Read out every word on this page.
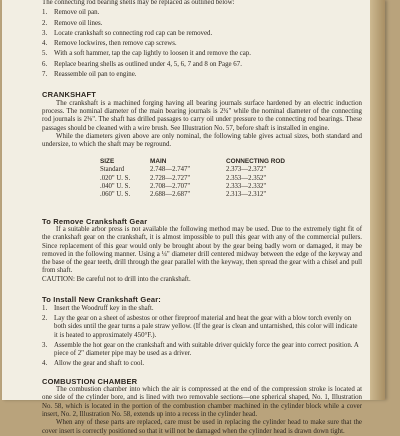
The connecting rod bearing shells may be replaced as outlined below:

1. Remove oil pan.
2. Remove oil lines.
3. Locate crankshaft so connecting rod cap can be removed.
4. Remove lockwires, then remove cap screws.
5. With a soft hammer, tap the cap lightly to loosen it and remove the cap.
6. Replace bearing shells as outlined under 4, 5, 6, 7 and 8 on Page 67.
7. Reassemble oil pan to engine.
CRANKSHAFT

The crankshaft is a machined forging having all bearing journals surface hardened by an electric induction process. The nominal diameter of the main bearing journals is 2¾" while the nominal diameter of the connecting rod journals is 2⅜". The shaft has drilled passages to carry oil under pressure to the connecting rod bearings. These passages should be cleaned with a wire brush. See Illustration No. 57, before shaft is installed in engine.

While the diameters given above are only nominal, the following table gives actual sizes, both standard and undersize, to which the shaft may be reground.

SIZE	MAIN	CONNECTING ROD
Standard	2.748—2.747"	2.373—2.372"
.020" U. S.	2.728—2.727"	2.353—2.352"
.040" U. S.	2.708—2.707"	2.333—2.332"
.060" U. S.	2.688—2.687"	2.313—2.312"
To Remove Crankshaft Gear

If a suitable arbor press is not available the following method may be used. Due to the extremely tight fit of the crankshaft gear on the crankshaft, it is almost impossible to pull this gear with any of the commercial pullers. Since replacement of this gear would only be brought about by the gear being badly worn or damaged, it may be removed in the following manner. Using a ¼" diameter drill centered midway between the edge of the keyway and the base of the gear teeth, drill through the gear parallel with the keyway, then spread the gear with a chisel and pull from shaft.

CAUTION: Be careful not to drill into the crankshaft.

To Install New Crankshaft Gear:
1. Insert the Woodruff key in the shaft.
2. Lay the gear on a sheet of asbestos or other fireproof material and heat the gear with a blow torch evenly on both sides until the gear turns a pale straw yellow. (If the gear is clean and untarnished, this color will indicate it is heated to approximately 450°F.).
3. Assemble the hot gear on the crankshaft and with suitable driver quickly force the gear into correct position. A piece of 2" diameter pipe may be used as a driver.
4. Allow the gear and shaft to cool.
COMBUSTION CHAMBER

The combustion chamber into which the air is compressed at the end of the compression stroke is located at one side of the cylinder bore, and is lined with two removable sections—one spherical shaped, No. 1, Illustration No. 58, which is located in the portion of the combustion chamber machined in the cylinder block while a cover insert, No. 2, Illustration No. 58, extends up into a recess in the cylinder head.

When any of these parts are replaced, care must be used in replacing the cylinder head to make sure that the cover insert is correctly positioned so that it will not be damaged when the cylinder head is drawn down tight.
